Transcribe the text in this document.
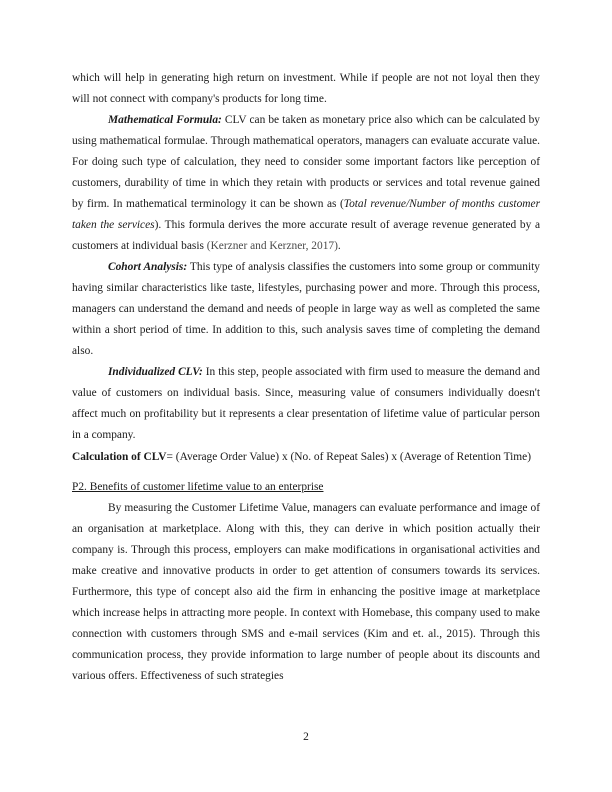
which will help in generating high return on investment. While if people are not not loyal then they will not connect with company's products for long time.

Mathematical Formula: CLV can be taken as monetary price also which can be calculated by using mathematical formulae. Through mathematical operators, managers can evaluate accurate value. For doing such type of calculation, they need to consider some important factors like perception of customers, durability of time in which they retain with products or services and total revenue gained by firm. In mathematical terminology it can be shown as (Total revenue/Number of months customer taken the services). This formula derives the more accurate result of average revenue generated by a customers at individual basis (Kerzner and Kerzner, 2017).

Cohort Analysis: This type of analysis classifies the customers into some group or community having similar characteristics like taste, lifestyles, purchasing power and more. Through this process, managers can understand the demand and needs of people in large way as well as completed the same within a short period of time. In addition to this, such analysis saves time of completing the demand also.

Individualized CLV: In this step, people associated with firm used to measure the demand and value of customers on individual basis. Since, measuring value of consumers individually doesn't affect much on profitability but it represents a clear presentation of lifetime value of particular person in a company.

Calculation of CLV= (Average Order Value) x (No. of Repeat Sales) x (Average of Retention Time)

P2. Benefits of customer lifetime value to an enterprise

By measuring the Customer Lifetime Value, managers can evaluate performance and image of an organisation at marketplace. Along with this, they can derive in which position actually their company is. Through this process, employers can make modifications in organisational activities and make creative and innovative products in order to get attention of consumers towards its services. Furthermore, this type of concept also aid the firm in enhancing the positive image at marketplace which increase helps in attracting more people. In context with Homebase, this company used to make connection with customers through SMS and e-mail services (Kim and et. al., 2015). Through this communication process, they provide information to large number of people about its discounts and various offers. Effectiveness of such strategies

2
